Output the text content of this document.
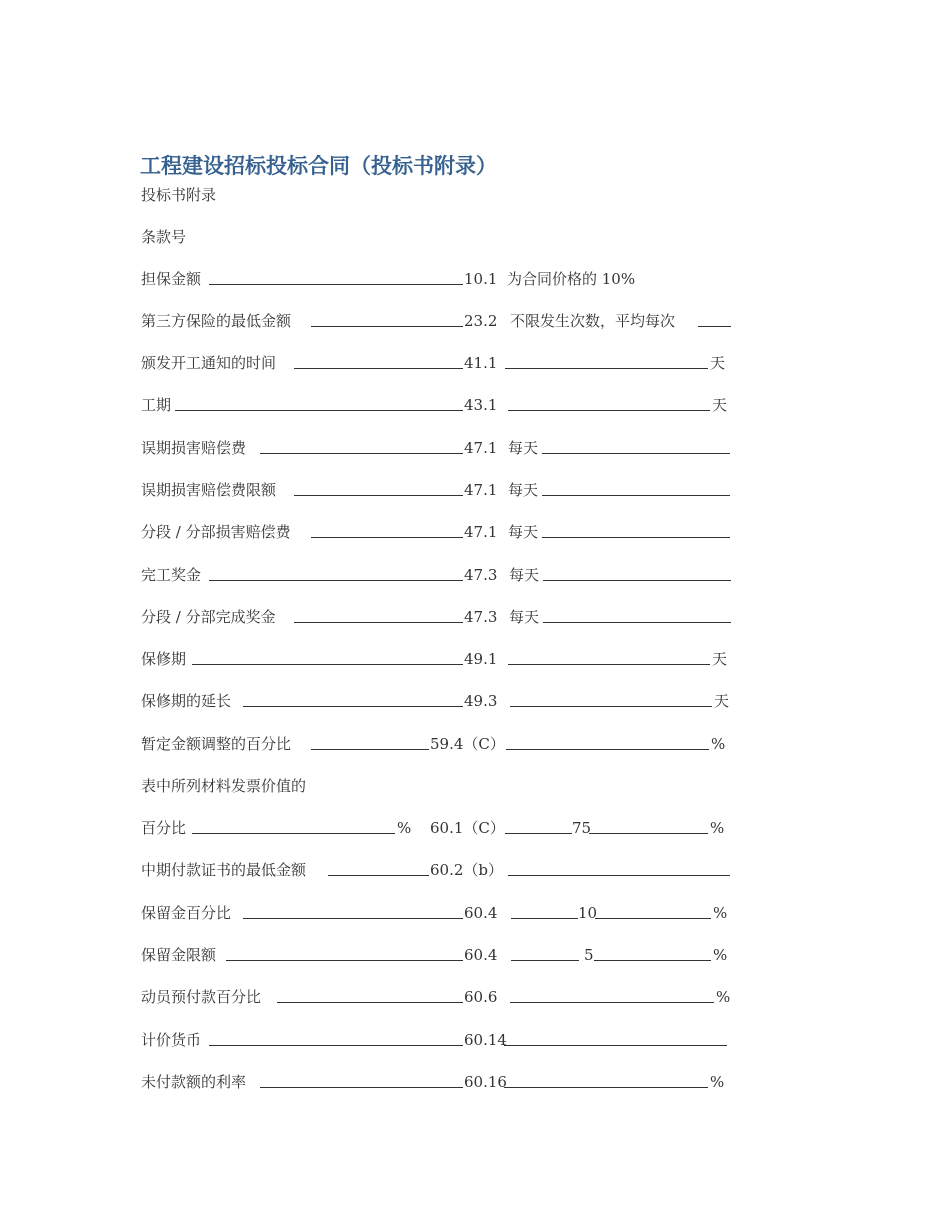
工程建设招标投标合同（投标书附录）
投标书附录
条款号
担保金额	10.1 为合同价格的 10%
第三方保险的最低金额	23.2 不限发生次数，平均每次
颁发开工通知的时间	41.1	天
工期	43.1	天
误期损害赔偿费	47.1 每天
误期损害赔偿费限额	47.1 每天
分段 / 分部损害赔偿费	47.1 每天
完工奖金	47.3 每天
分段 / 分部完成奖金	47.3 每天
保修期	49.1	天
保修期的延长	49.3	天
暂定金额调整的百分比	59.4（C）	%
表中所列材料发票价值的
百分比	% 60.1（C）	75	%
中期付款证书的最低金额	60.2（b）
保留金百分比	60.4	10	%
保留金限额	60.4	5	%
动员预付款百分比	60.6	%
计价货币	60.14
未付款额的利率	60.16	%
